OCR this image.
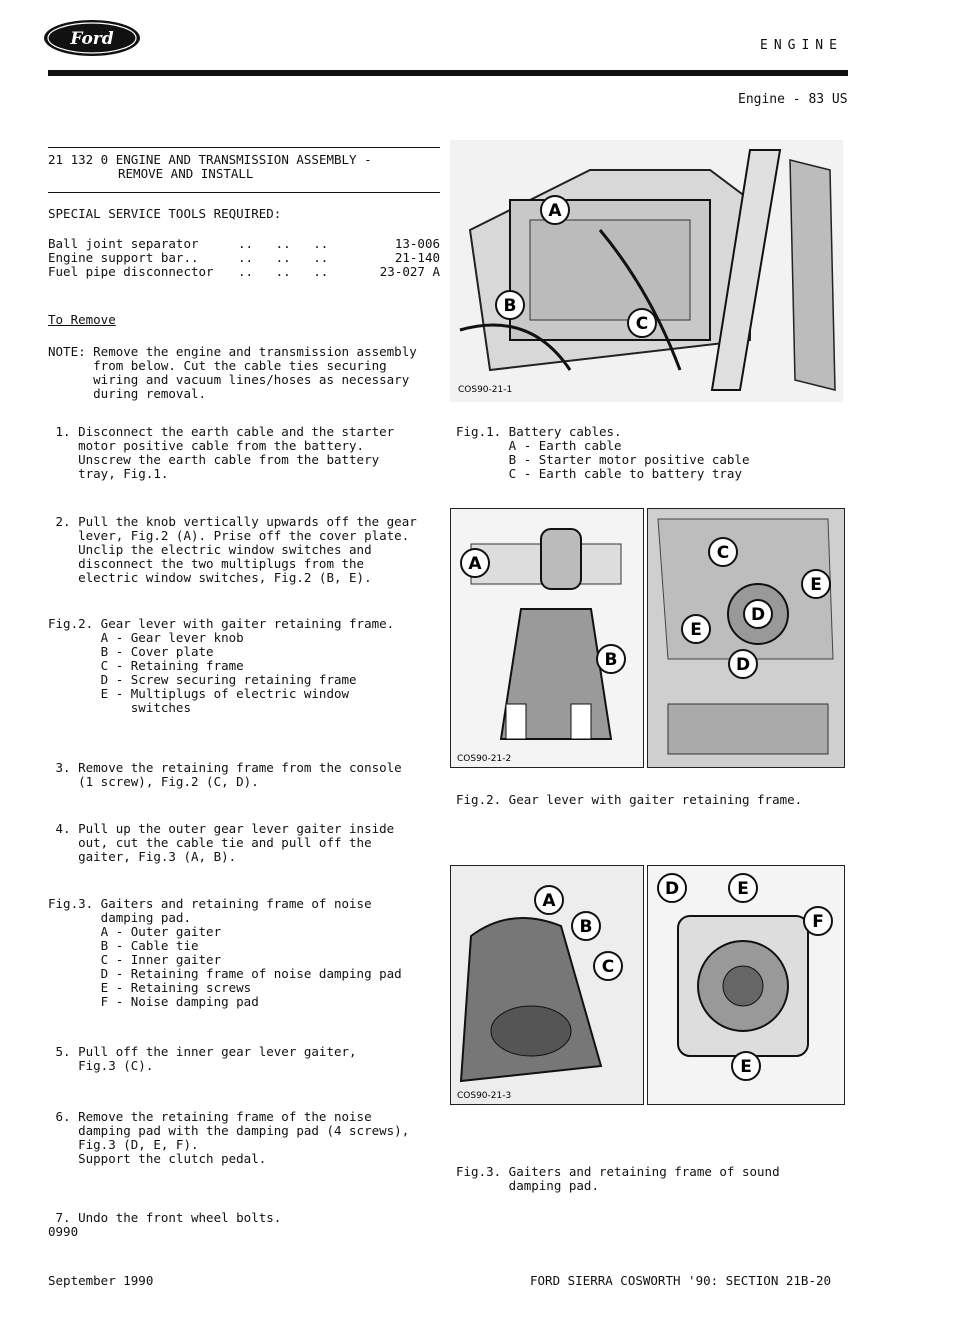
Ford	ENGINE
Engine - 83 US
21 132 0 ENGINE AND TRANSMISSION ASSEMBLY -
REMOVE AND INSTALL
SPECIAL SERVICE TOOLS REQUIRED:
Ball joint separator	..   ..   ..	13-006
Engine support bar..	..   ..   ..	21-140
Fuel pipe disconnector	..   ..   ..	23-027 A
To Remove
NOTE: Remove the engine and transmission assembly
from below. Cut the cable ties securing
wiring and vacuum lines/hoses as necessary
during removal.
1. Disconnect the earth cable and the starter
motor positive cable from the battery.
Unscrew the earth cable from the battery
tray, Fig.1.
2. Pull the knob vertically upwards off the gear
lever, Fig.2 (A). Prise off the cover plate.
Unclip the electric window switches and
disconnect the two multiplugs from the
electric window switches, Fig.2 (B, E).
Fig.2. Gear lever with gaiter retaining frame.
A - Gear lever knob
B - Cover plate
C - Retaining frame
D - Screw securing retaining frame
E - Multiplugs of electric window
switches
3. Remove the retaining frame from the console
(1 screw), Fig.2 (C, D).
4. Pull up the outer gear lever gaiter inside
out, cut the cable tie and pull off the
gaiter, Fig.3 (A, B).
Fig.3. Gaiters and retaining frame of noise
damping pad.
A - Outer gaiter
B - Cable tie
C - Inner gaiter
D - Retaining frame of noise damping pad
E - Retaining screws
F - Noise damping pad
5. Pull off the inner gear lever gaiter,
Fig.3 (C).
6. Remove the retaining frame of the noise
damping pad with the damping pad (4 screws),
Fig.3 (D, E, F).
Support the clutch pedal.
7. Undo the front wheel bolts.
0990
A
B
C
COS90-21-1
Fig.1. Battery cables.
A - Earth cable
B - Starter motor positive cable
C - Earth cable to battery tray
A
B
COS90-21-2
C
D
E
E
D
Fig.2. Gear lever with gaiter retaining frame.
A
B
C
COS90-21-3
D	E
F
E
Fig.3. Gaiters and retaining frame of sound
damping pad.
September 1990	FORD SIERRA COSWORTH '90: SECTION 21B-20
